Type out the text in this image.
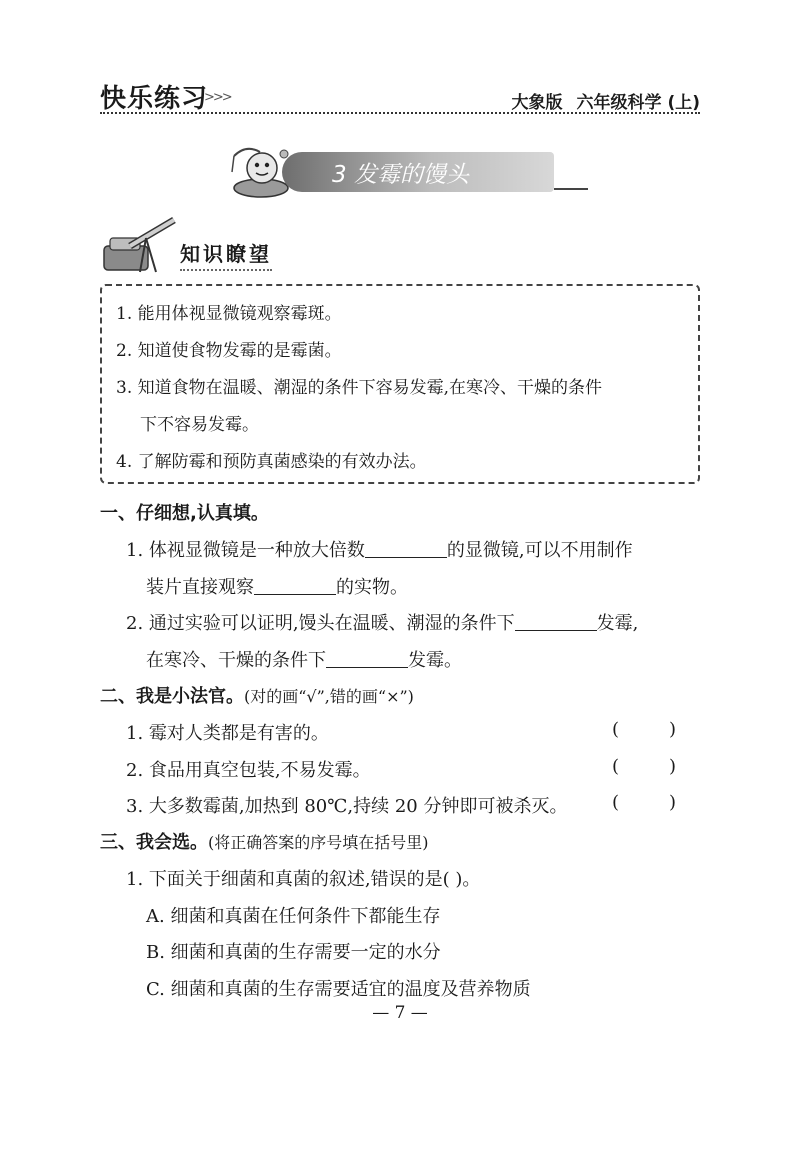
快乐练习
>>>	大象版 六年级科学 (上)
3 发霉的馒头
知识瞭望
1. 能用体视显微镜观察霉斑。
2. 知道使食物发霉的是霉菌。
3. 知道食物在温暖、潮湿的条件下容易发霉,在寒冷、干燥的条件
下不容易发霉。
4. 了解防霉和预防真菌感染的有效办法。
一、仔细想,认真填。
1. 体视显微镜是一种放大倍数	的显微镜,可以不用制作
装片直接观察	的实物。
2. 通过实验可以证明,馒头在温暖、潮湿的条件下	发霉,
在寒冷、干燥的条件下	发霉。
二、我是小法官。(对的画“√”,错的画“×”)
1. 霉对人类都是有害的。	()
2. 食品用真空包装,不易发霉。	()
3. 大多数霉菌,加热到 80℃,持续 20 分钟即可被杀灭。 ()
三、我会选。(将正确答案的序号填在括号里)
1. 下面关于细菌和真菌的叙述,错误的是( )。
A. 细菌和真菌在任何条件下都能生存
B. 细菌和真菌的生存需要一定的水分
C. 细菌和真菌的生存需要适宜的温度及营养物质
— 7 —
